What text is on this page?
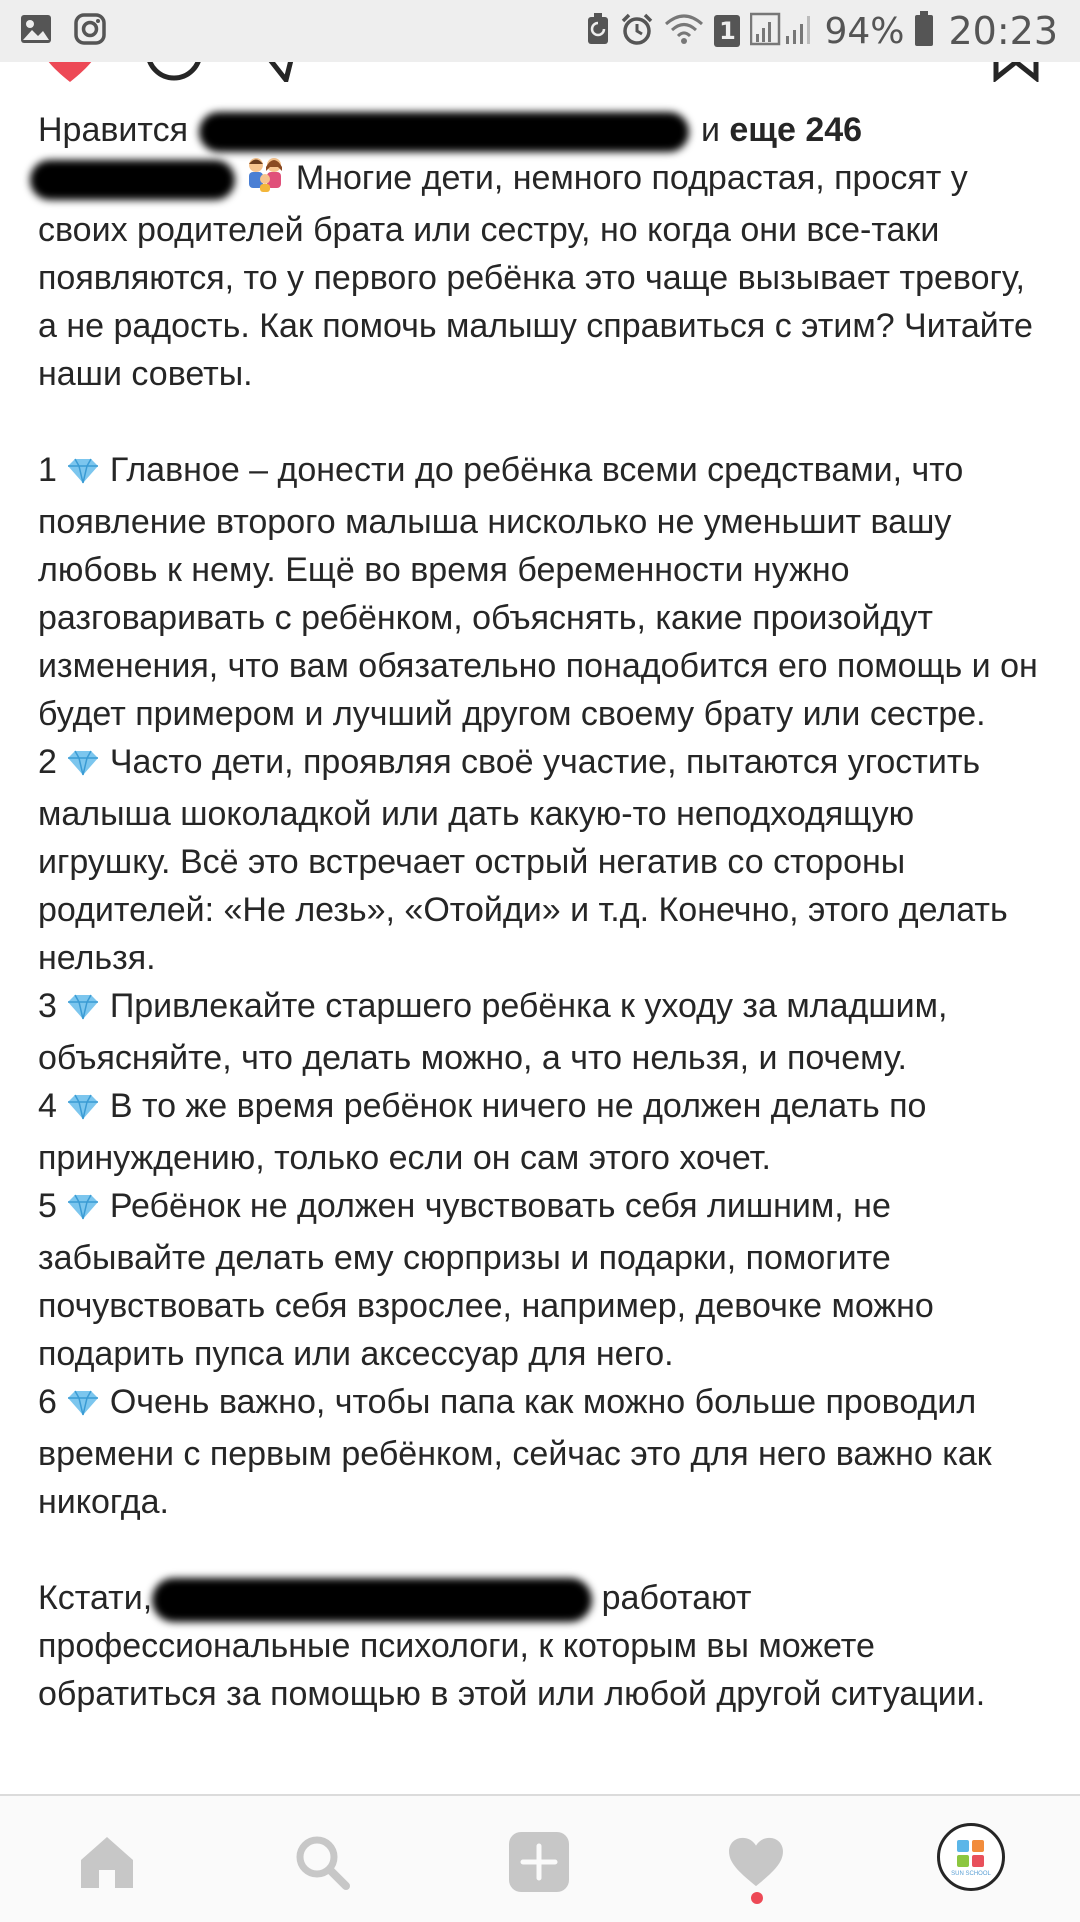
1 94% 20:23
Нравится	и еще 246

Многие дети, немного подрастая, просят у своих родителей брата или сестру, но когда они все-таки появляются, то у первого ребёнка это чаще вызывает тревогу, а не радость. Как помочь малышу справиться с этим? Читайте наши советы.

1 Главное – донести до ребёнка всеми средствами, что появление второго малыша нисколько не уменьшит вашу любовь к нему. Ещё во время беременности нужно разговаривать с ребёнком, объяснять, какие произойдут изменения, что вам обязательно понадобится его помощь и он будет примером и лучший другом своему брату или сестре.

2 Часто дети, проявляя своё участие, пытаются угостить малыша шоколадкой или дать какую-то неподходящую игрушку. Всё это встречает острый негатив со стороны родителей: «Не лезь», «Отойди» и т.д. Конечно, этого делать нельзя.

3 Привлекайте старшего ребёнка к уходу за младшим, объясняйте, что делать можно, а что нельзя, и почему.

4 В то же время ребёнок ничего не должен делать по принуждению, только если он сам этого хочет.

5 Ребёнок не должен чувствовать себя лишним, не забывайте делать ему сюрпризы и подарки, помогите почувствовать себя взрослее, например, девочке можно подарить пупса или аксессуар для него.

6 Очень важно, чтобы папа как можно больше проводил времени с первым ребёнком, сейчас это для него важно как никогда.

Кстати,	работают профессиональные психологи, к которым вы можете обратиться за помощью в этой или любой другой ситуации.

SUN SCHOOL
